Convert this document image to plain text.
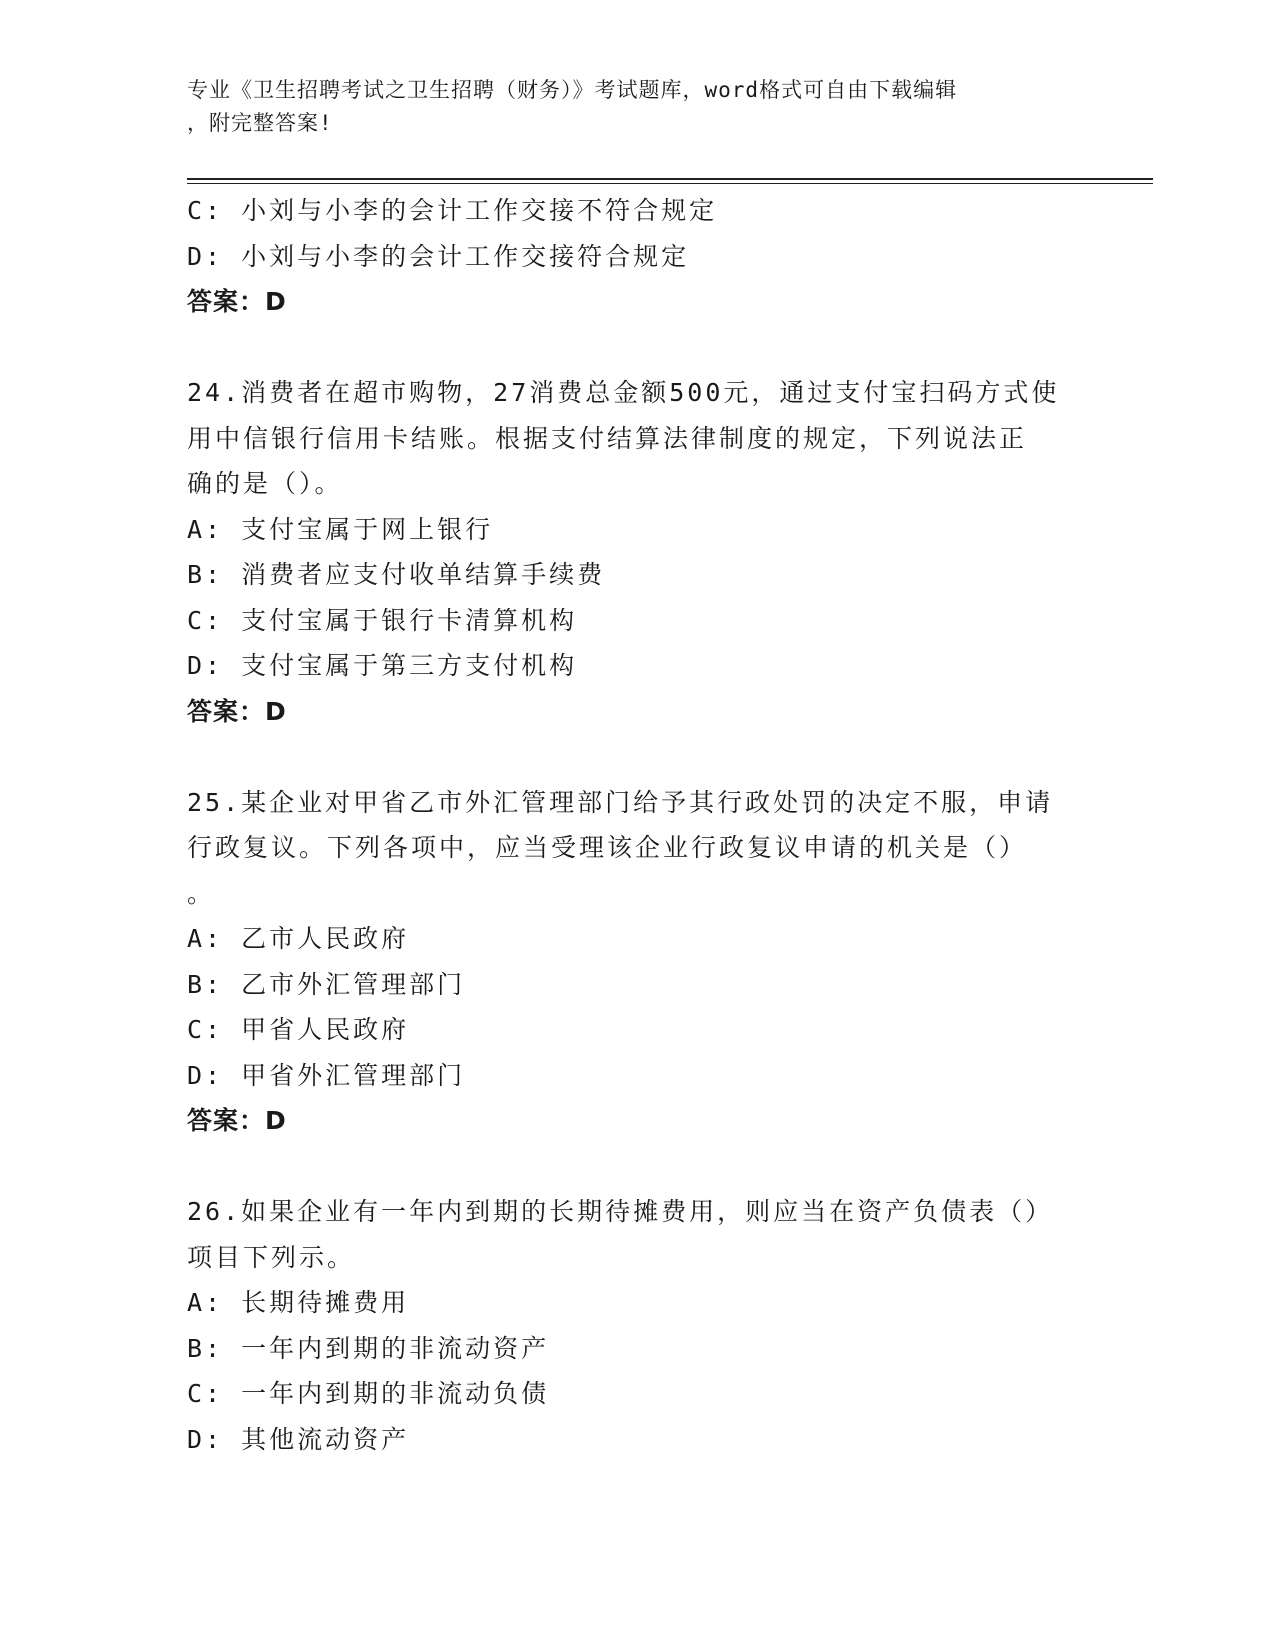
专业《卫生招聘考试之卫生招聘（财务）》考试题库，word格式可自由下载编辑
，附完整答案!
C: 小刘与小李的会计工作交接不符合规定
D: 小刘与小李的会计工作交接符合规定
答案：D
24.消费者在超市购物，27消费总金额500元，通过支付宝扫码方式使
用中信银行信用卡结账。根据支付结算法律制度的规定，下列说法正
确的是（）。
A: 支付宝属于网上银行
B: 消费者应支付收单结算手续费
C: 支付宝属于银行卡清算机构
D: 支付宝属于第三方支付机构
答案：D
25.某企业对甲省乙市外汇管理部门给予其行政处罚的决定不服，申请
行政复议。下列各项中，应当受理该企业行政复议申请的机关是（）
。
A: 乙市人民政府
B: 乙市外汇管理部门
C: 甲省人民政府
D: 甲省外汇管理部门
答案：D
26.如果企业有一年内到期的长期待摊费用，则应当在资产负债表（）
项目下列示。
A: 长期待摊费用
B: 一年内到期的非流动资产
C: 一年内到期的非流动负债
D: 其他流动资产
